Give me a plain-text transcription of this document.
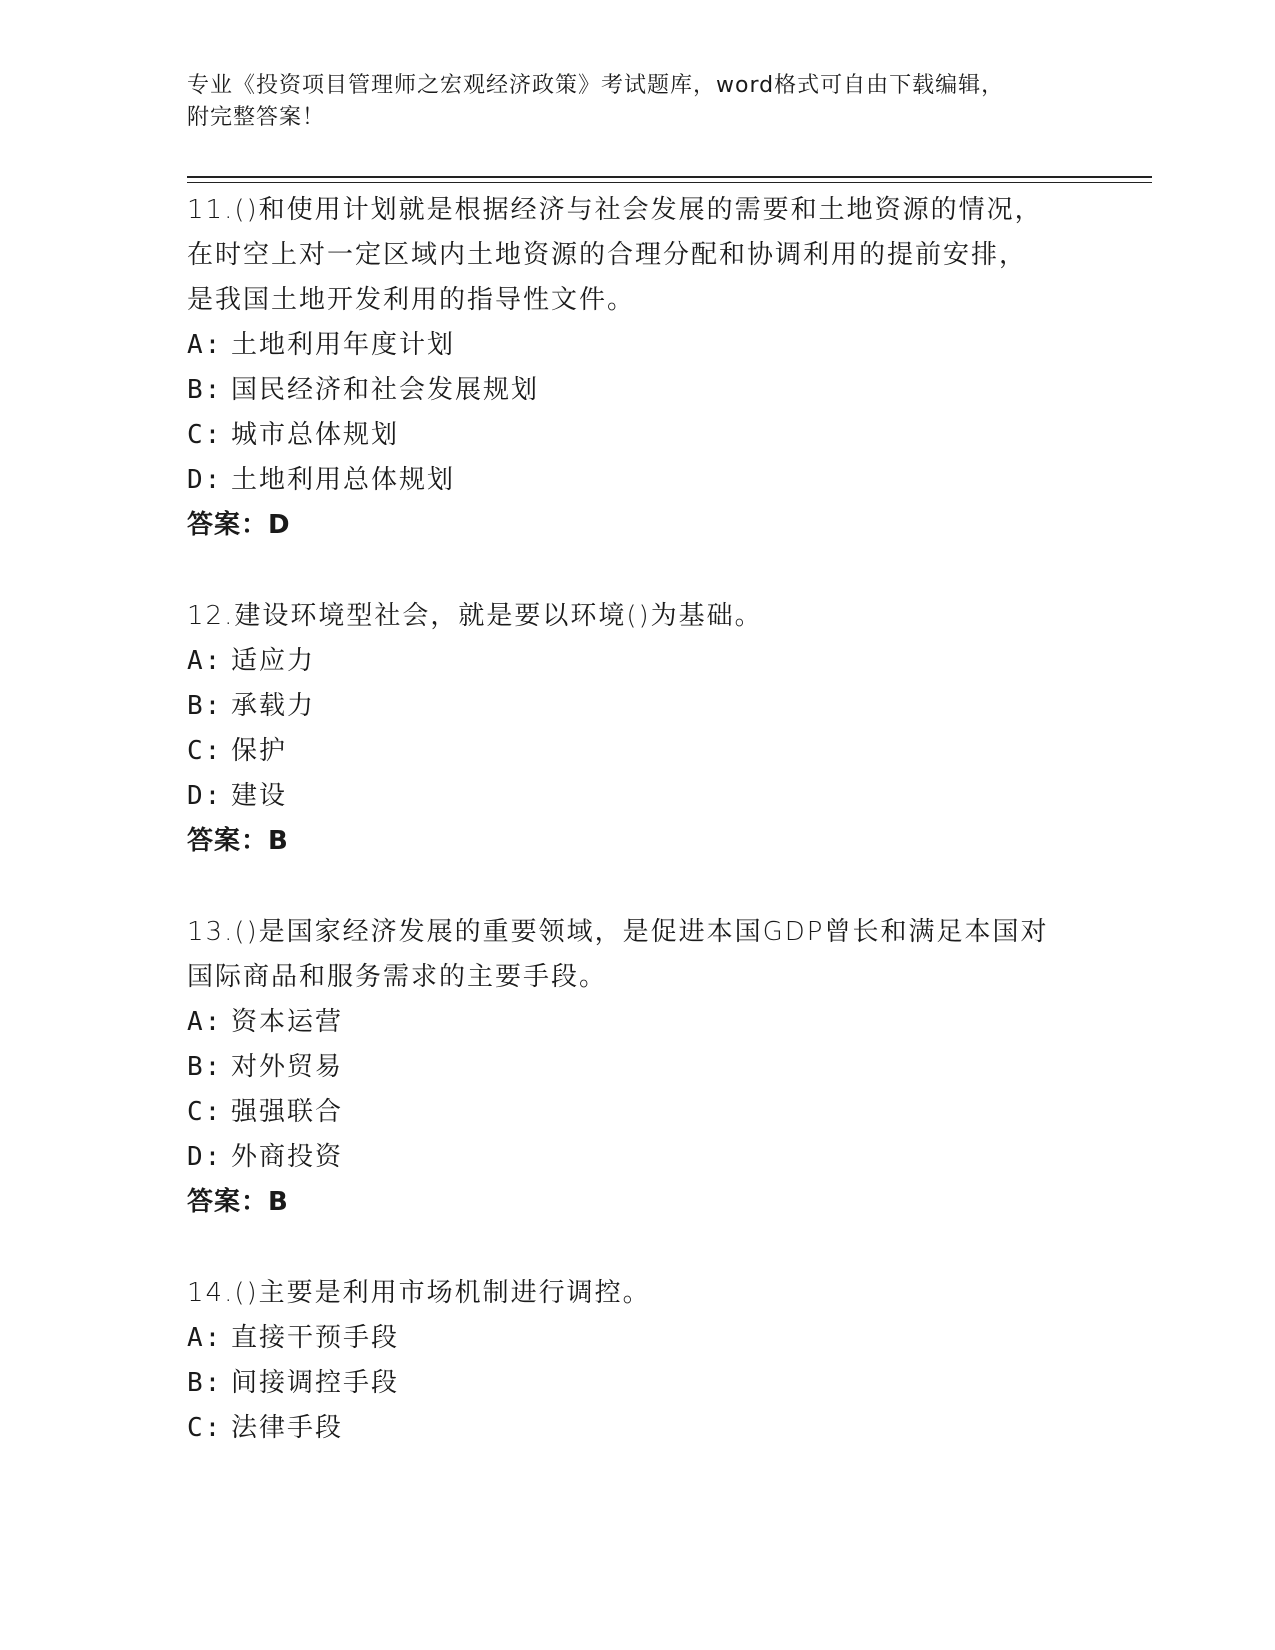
专业《投资项目管理师之宏观经济政策》考试题库，word格式可自由下载编辑，
附完整答案！
11.()和使用计划就是根据经济与社会发展的需要和土地资源的情况，
在时空上对一定区域内土地资源的合理分配和协调利用的提前安排，
是我国土地开发利用的指导性文件。
A: 土地利用年度计划
B: 国民经济和社会发展规划
C: 城市总体规划
D: 土地利用总体规划
答案：D
12.建设环境型社会，就是要以环境()为基础。
A: 适应力
B: 承载力
C: 保护
D: 建设
答案：B
13.()是国家经济发展的重要领域，是促进本国GDP曾长和满足本国对
国际商品和服务需求的主要手段。
A: 资本运营
B: 对外贸易
C: 强强联合
D: 外商投资
答案：B
14.()主要是利用市场机制进行调控。
A: 直接干预手段
B: 间接调控手段
C: 法律手段
